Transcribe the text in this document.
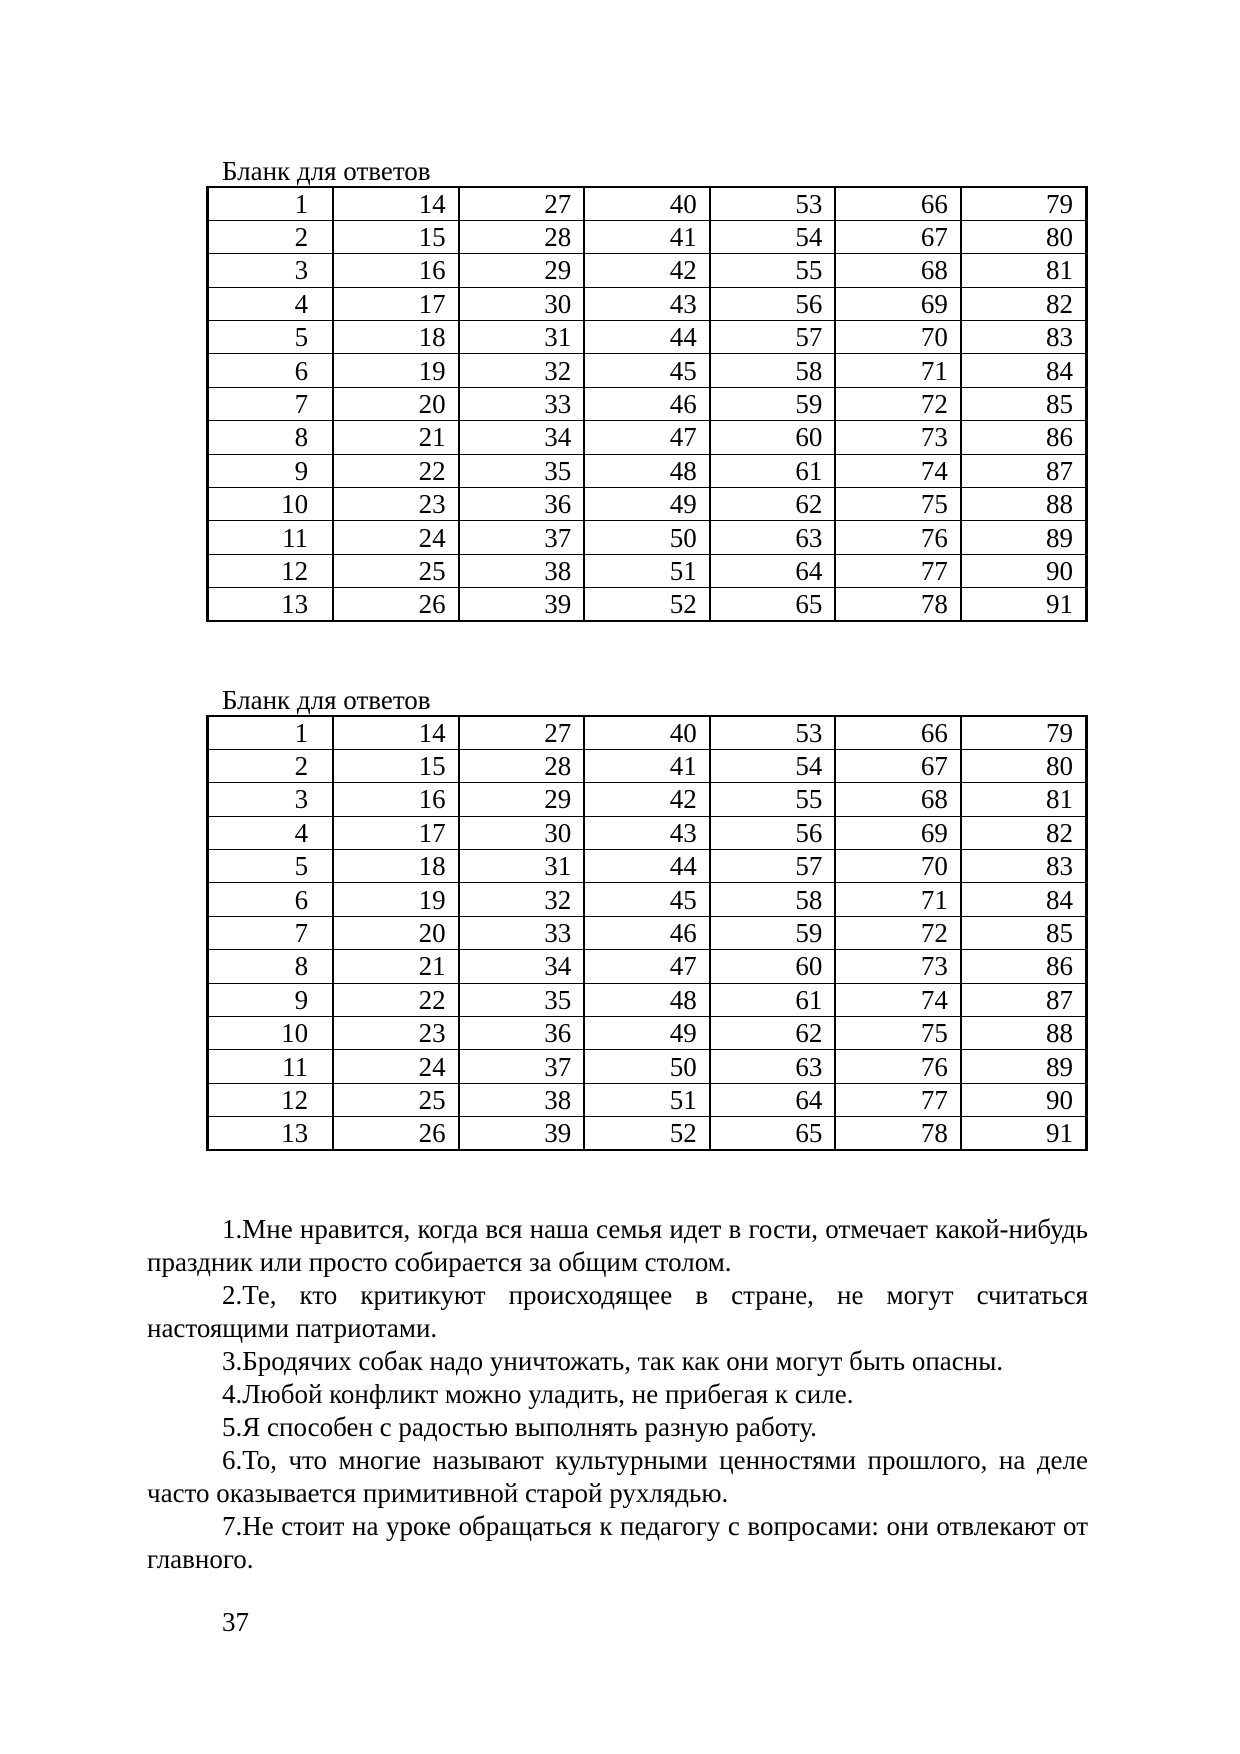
Бланк для ответов
1	14	27	40	53	66	79
2	15	28	41	54	67	80
3	16	29	42	55	68	81
4	17	30	43	56	69	82
5	18	31	44	57	70	83
6	19	32	45	58	71	84
7	20	33	46	59	72	85
8	21	34	47	60	73	86
9	22	35	48	61	74	87
10	23	36	49	62	75	88
11	24	37	50	63	76	89
12	25	38	51	64	77	90
13	26	39	52	65	78	91
Бланк для ответов
1	14	27	40	53	66	79
2	15	28	41	54	67	80
3	16	29	42	55	68	81
4	17	30	43	56	69	82
5	18	31	44	57	70	83
6	19	32	45	58	71	84
7	20	33	46	59	72	85
8	21	34	47	60	73	86
9	22	35	48	61	74	87
10	23	36	49	62	75	88
11	24	37	50	63	76	89
12	25	38	51	64	77	90
13	26	39	52	65	78	91

1.Мне нравится, когда вся наша семья идет в гости, отмечает какой-нибудь праздник или просто собирается за общим столом.

2.Те, кто критикуют происходящее в стране, не могут считаться настоящими патриотами.

3.Бродячих собак надо уничтожать, так как они могут быть опасны.

4.Любой конфликт можно уладить, не прибегая к силе.

5.Я способен с радостью выполнять разную работу.

6.То, что многие называют культурными ценностями прошлого, на деле часто оказывается примитивной старой рухлядью.

7.Не стоит на уроке обращаться к педагогу с вопросами: они отвлекают от главного.

37
